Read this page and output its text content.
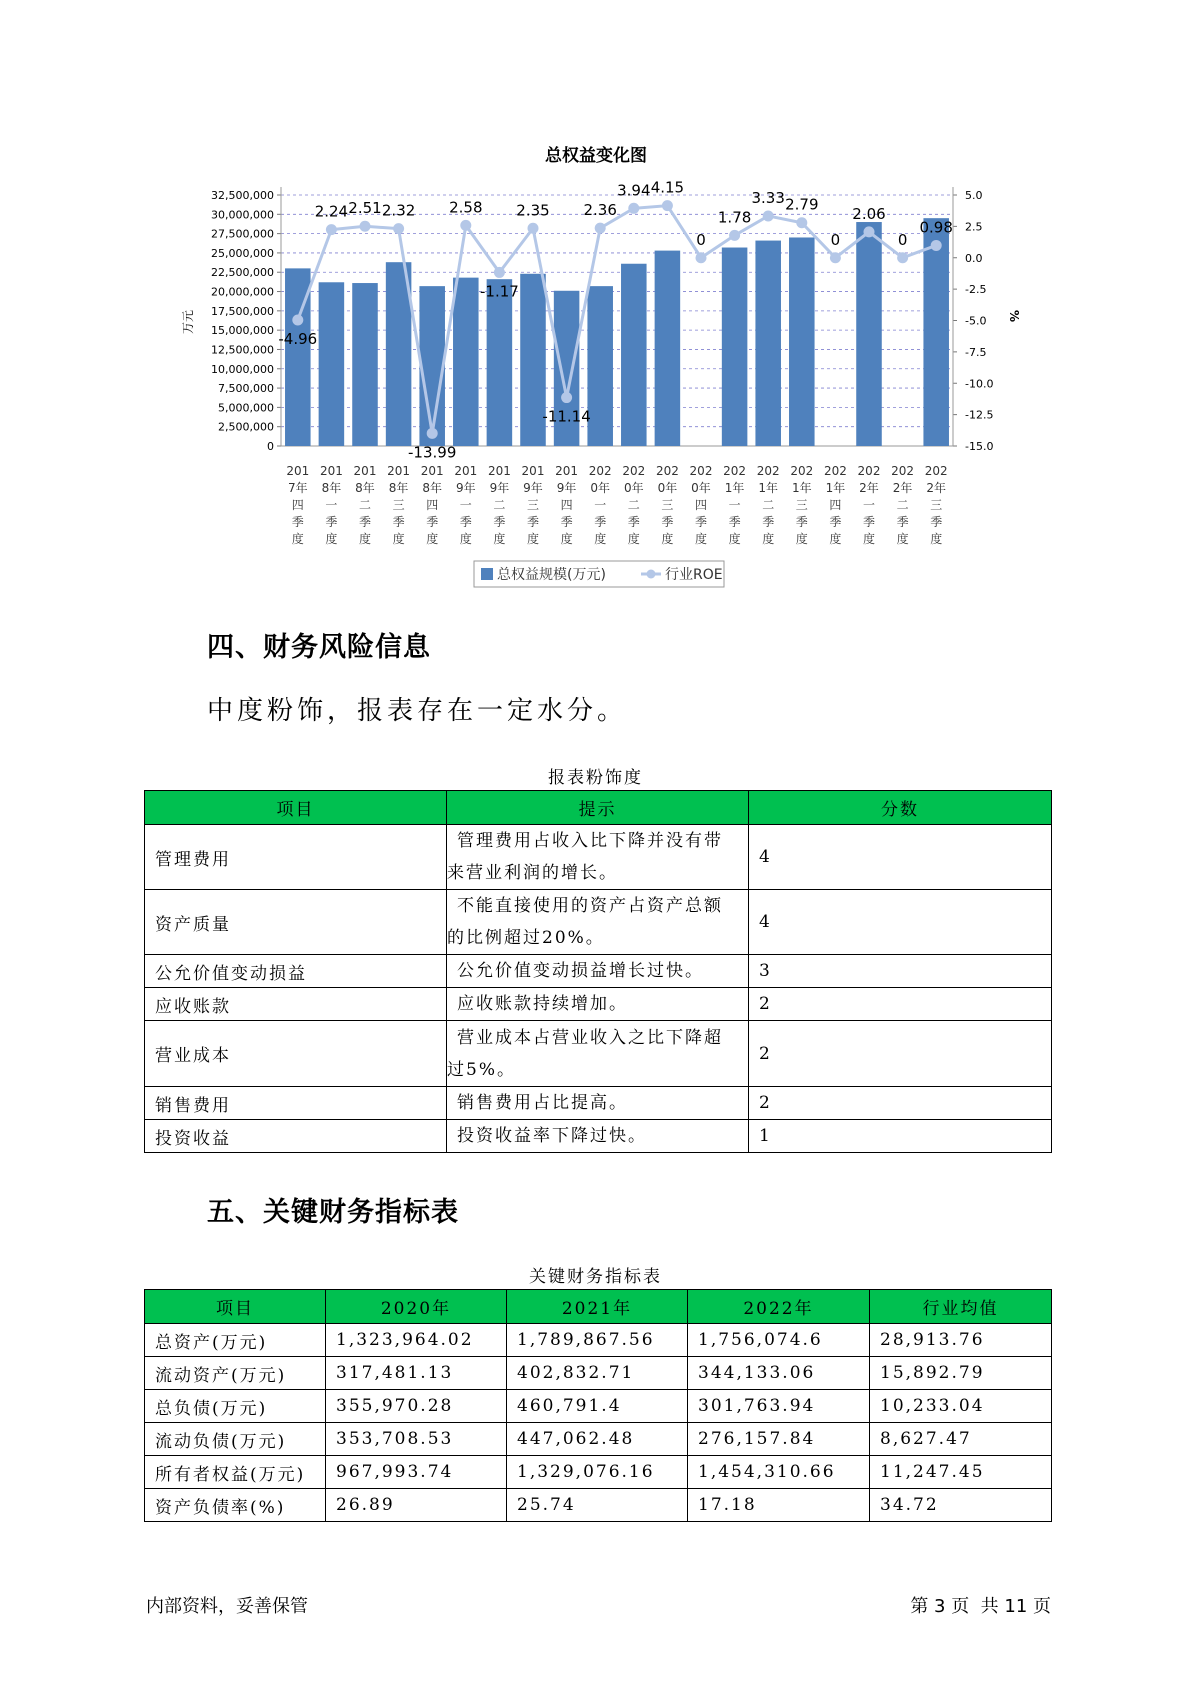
总权益变化图
0
2,500,000
5,000,000
7,500,000
10,000,000
12,500,000
15,000,000
17,500,000
20,000,000
22,500,000
25,000,000
27,500,000
30,000,000
32,500,000	5.0
2.5
0.0
-2.5
-5.0
-7.5
-10.0
-12.5
-15.0
万元	%
201 7年四季度
201 8年一季度
201 8年二季度
201 8年三季度
201 8年四季度
201 9年一季度
201 9年二季度
201 9年三季度
201 9年四季度
202 0年一季度
202 0年二季度
202 0年三季度
202 0年四季度
202 1年一季度
202 1年二季度
202 1年三季度
202 1年四季度
202 2年一季度
202 2年二季度
202 2年三季度
-4.96
2.24 2.51 2.32
-13.99
2.58
-1.17
2.35
-11.14
2.36
3.94 4.15
0
1.78
3.33 2.79
0
2.06
0
0.98
总权益规模(万元)	行业ROE
四、财务风险信息
中度粉饰，报表存在一定水分。
报表粉饰度
项目	提示	分数
管理费用	管理费用占收入比下降并没有带来营业利润的增长。	4
资产质量	不能直接使用的资产占资产总额的比例超过20%。	4
公允价值变动损益	公允价值变动损益增长过快。	3
应收账款	应收账款持续增加。	2
营业成本	营业成本占营业收入之比下降超过5%。	2
销售费用	销售费用占比提高。	2
投资收益	投资收益率下降过快。	1
五、关键财务指标表
关键财务指标表
项目	2020年	2021年	2022年	行业均值
总资产(万元)	1,323,964.02	1,789,867.56	1,756,074.6	28,913.76
流动资产(万元)	317,481.13	402,832.71	344,133.06	15,892.79
总负债(万元)	355,970.28	460,791.4	301,763.94	10,233.04
流动负债(万元)	353,708.53	447,062.48	276,157.84	8,627.47
所有者权益(万元)	967,993.74	1,329,076.16	1,454,310.66	11,247.45
资产负债率(%)	26.89	25.74	17.18	34.72
内部资料，妥善保管	第 3 页  共 11 页
